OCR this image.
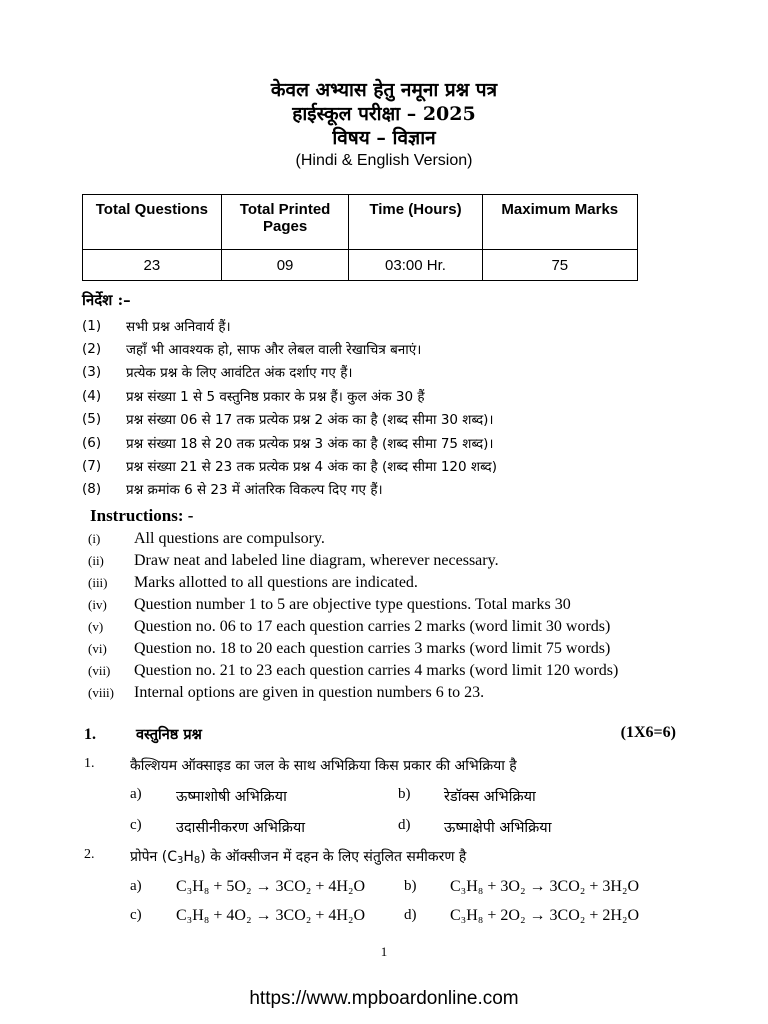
केवल अभ्यास हेतु नमूना प्रश्न पत्र
हाईस्कूल परीक्षा – 2025
विषय – विज्ञान
(Hindi & English Version)
Total Questions	Total Printed Pages	Time (Hours)	Maximum Marks
23	09	03:00 Hr.	75
निर्देश :–
(1)	सभी प्रश्न अनिवार्य हैं।
(2)	जहाँ भी आवश्यक हो, साफ और लेबल वाली रेखाचित्र बनाएं।
(3)	प्रत्येक प्रश्न के लिए आवंटित अंक दर्शाए गए हैं।
(4)	प्रश्न संख्या 1 से 5 वस्तुनिष्ठ प्रकार के प्रश्न हैं। कुल अंक 30 हैं
(5)	प्रश्न संख्या 06 से 17 तक प्रत्येक प्रश्न 2 अंक का है (शब्द सीमा 30 शब्द)।
(6)	प्रश्न संख्या 18 से 20 तक प्रत्येक प्रश्न 3 अंक का है (शब्द सीमा 75 शब्द)।
(7)	प्रश्न संख्या 21 से 23 तक प्रत्येक प्रश्न 4 अंक का है (शब्द सीमा 120 शब्द)
(8)	प्रश्न क्रमांक 6 से 23 में आंतरिक विकल्प दिए गए हैं।
Instructions: -
(i)	All questions are compulsory.
(ii)	Draw neat and labeled line diagram, wherever necessary.
(iii)	Marks allotted to all questions are indicated.
(iv)	Question number 1 to 5 are objective type questions. Total marks 30
(v)	Question no. 06 to 17 each question carries 2 marks (word limit 30 words)
(vi)	Question no. 18 to 20 each question carries 3 marks (word limit 75 words)
(vii)	Question no. 21 to 23 each question carries 4 marks (word limit 120 words)
(viii)	Internal options are given in question numbers 6 to 23.
1.	वस्तुनिष्ठ प्रश्न	(1X6=6)
1.	कैल्शियम ऑक्साइड का जल के साथ अभिक्रिया किस प्रकार की अभिक्रिया है
a)	ऊष्माशोषी अभिक्रिया	b)	रेडॉक्स अभिक्रिया
c)	उदासीनीकरण अभिक्रिया	d)	ऊष्माक्षेपी अभिक्रिया
2.	प्रोपेन $(C_3H_8)$ के ऑक्सीजन में दहन के लिए संतुलित समीकरण है
a)	C₃H₈ + 5O₂ → 3CO₂ + 4H₂O	b)	C₃H₈ + 3O₂ → 3CO₂ + 3H₂O
c)	C₃H₈ + 4O₂ → 3CO₂ + 4H₂O	d)	C₃H₈ + 2O₂ → 3CO₂ + 2H₂O
1
https://www.mpboardonline.com
